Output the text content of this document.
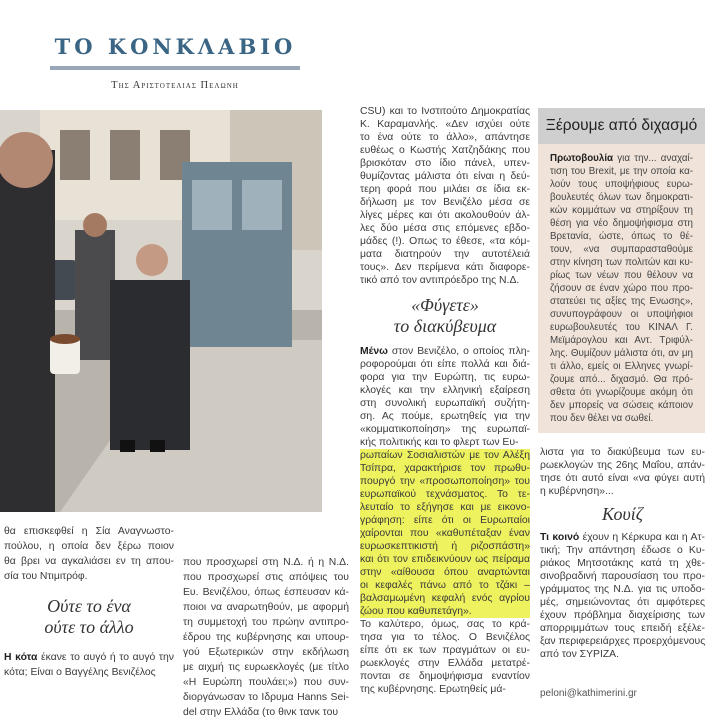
ΤΟ ΚΟΝΚΛΑΒΙΟ
Της Αριστοτελιας Πελωνη
θα επισκεφθεί η Σία Αναγνωστο-
πούλου, η οποία δεν ξέρω ποιον
θα βρει να αγκαλιάσει εν τη απου-
σία του Ντιμιτρόφ.
Ούτε το ένα
ούτε το άλλο
Η κότα έκανε το αυγό ή το αυγό την
κότα; Είναι ο Βαγγέλης Βενιζέλος
που προσχωρεί στη Ν.Δ. ή η Ν.Δ.
που προσχωρεί στις απόψεις του
Ευ. Βενιζέλου, όπως έσπευσαν κά-
ποιοι να αναρωτηθούν, με αφορμή
τη συμμετοχή του πρώην αντιπρο-
έδρου της κυβέρνησης και υπουρ-
γού Εξωτερικών στην εκδήλωση
με αιχμή τις ευρωεκλογές (με τίτλο
«Η Ευρώπη πουλάει;») που συν-
διοργάνωσαν το Ιδρυμα Hanns Sei-
del στην Ελλάδα (το θινκ τανκ του
CSU) και το Ινστιτούτο Δημοκρατίας
Κ. Καραμανλής. «Δεν ισχύει ούτε
το ένα ούτε το άλλο», απάντησε
ευθέως ο Κωστής Χατζηδάκης που
βρισκόταν στο ίδιο πάνελ, υπεν-
θυμίζοντας μάλιστα ότι είναι η δεύ-
τερη φορά που μιλάει σε ίδια εκ-
δήλωση με τον Βενιζέλο μέσα σε
λίγες μέρες και ότι ακολουθούν άλ-
λες δύο μέσα στις επόμενες εβδο-
μάδες (!). Οπως το έθεσε, «τα κόμ-
ματα διατηρούν την αυτοτέλειά
τους». Δεν περίμενα κάτι διαφορε-
τικό από τον αντιπρόεδρο της Ν.Δ.
«Φύγετε»
το διακύβευμα
Μένω στον Βενιζέλο, ο οποίος πλη-
ροφορούμαι ότι είπε πολλά και διά-
φορα για την Ευρώπη, τις ευρω-
κλογές και την ελληνική εξαίρεση
στη συνολική ευρωπαϊκή συζήτη-
ση. Ας πούμε, ερωτηθείς για την
«κομματικοποίηση» της ευρωπαϊ-
κής πολιτικής και το φλερτ των Ευ-
ρωπαίων Σοσιαλιστών με τον Αλέξη
Τσίπρα, χαρακτήρισε τον πρωθυ-
πουργό την «προσωποποίηση» του
ευρωπαϊκού τεχνάσματος. Το τε-
λευταίο το εξήγησε και με εικονο-
γράφηση: είπε ότι οι Ευρωπαίοι
χαίρονται που «καθυπέταξαν έναν
ευρωσκεπτικιστή ή ριζοσπάστη»
και ότι τον επιδεικνύουν ως πείραμα
στην «αίθουσα όπου αναρτώνται
οι κεφαλές πάνω από το τζάκι –
βαλσαμωμένη κεφαλή ενός αγρίου
ζώου που καθυπετάγη».
Το καλύτερο, όμως, σας το κρά-
τησα για το τέλος. Ο Βενιζέλος
είπε ότι εκ των πραγμάτων οι ευ-
ρωεκλογές στην Ελλάδα μετατρέ-
πονται σε δημοψήφισμα εναντίον
της κυβέρνησης. Ερωτηθείς μά-
Ξέρουμε από διχασμό
Πρωτοβουλία για την... αναχαί-
τιση του Brexit, με την οποία κα-
λούν τους υποψήφιους ευρω-
βουλευτές όλων των δημοκρατι-
κών κομμάτων να στηρίξουν τη
θέση για νέο δημοψήφισμα στη
Βρετανία, ώστε, όπως το θέ-
τουν, «να συμπαρασταθούμε
στην κίνηση των πολιτών και κυ-
ρίως των νέων που θέλουν να
ζήσουν σε έναν χώρο που προ-
στατεύει τις αξίες της Ενωσης»,
συνυπογράφουν οι υποψήφιοι
ευρωβουλευτές του ΚΙΝΑΛ Γ.
Μεϊμάρογλου και Αντ. Τριφύλ-
λης. Θυμίζουν μάλιστα ότι, αν μη
τι άλλο, εμείς οι Ελληνες γνωρί-
ζουμε από... διχασμό. Θα πρό-
σθετα ότι γνωρίζουμε ακόμη ότι
δεν μπορείς να σώσεις κάποιον
που δεν θέλει να σωθεί.
λιστα για το διακύβευμα των ευ-
ρωεκλογών της 26ης Μαΐου, απάν-
τησε ότι αυτό είναι «να φύγει αυτή
η κυβέρνηση»...
Κουίζ
Τι κοινό έχουν η Κέρκυρα και η Ατ-
τική; Την απάντηση έδωσε ο Κυ-
ριάκος Μητσοτάκης κατά τη χθε-
σινοβραδινή παρουσίαση του προ-
γράμματος της Ν.Δ. για τις υποδο-
μές, σημειώνοντας ότι αμφότερες
έχουν πρόβλημα διαχείρισης των
απορριμμάτων τους επειδή εξέλε-
ξαν περιφερειάρχες προερχόμενους
από τον ΣΥΡΙΖΑ.
peloni@kathimerini.gr
